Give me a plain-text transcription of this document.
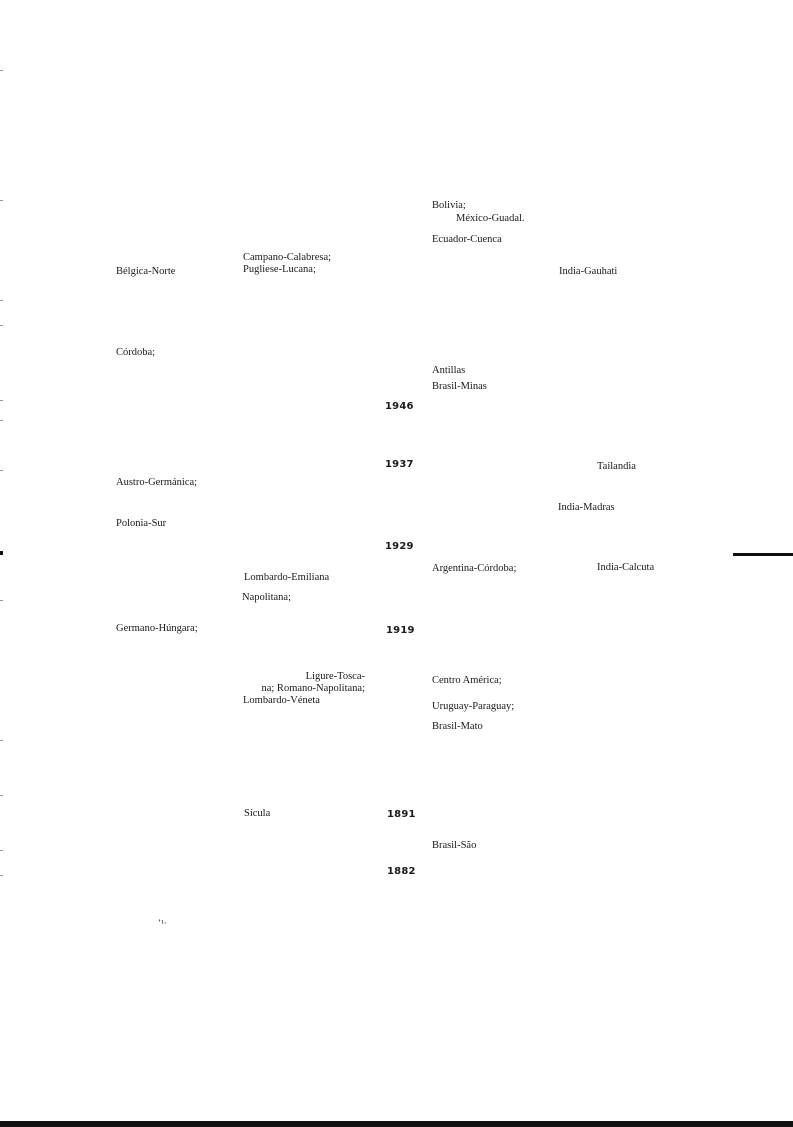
Bélgica-Norte
Córdoba;
Austro-Germánica;
Polonia-Sur
Germano-Húngara;
Campano-Calabresa;
Pugliese-Lucana;
Lombardo-Emiliana
Napolitana;
Ligure-Tosca-
na; Romano-Napolitana;
Lombardo-Véneta
Sícula
1946
1937
1929
1919
1891
1882
Bolivia;
México-Guadal.
Ecuador-Cuenca
Antillas
Brasil-Minas
Argentina-Córdoba;
Centro América;
Uruguay-Paraguay;
Brasil-Mato
Brasil-São
India-Gauhati
Tailandia
India-Madras
India-Calcuta
ʼ¹·
